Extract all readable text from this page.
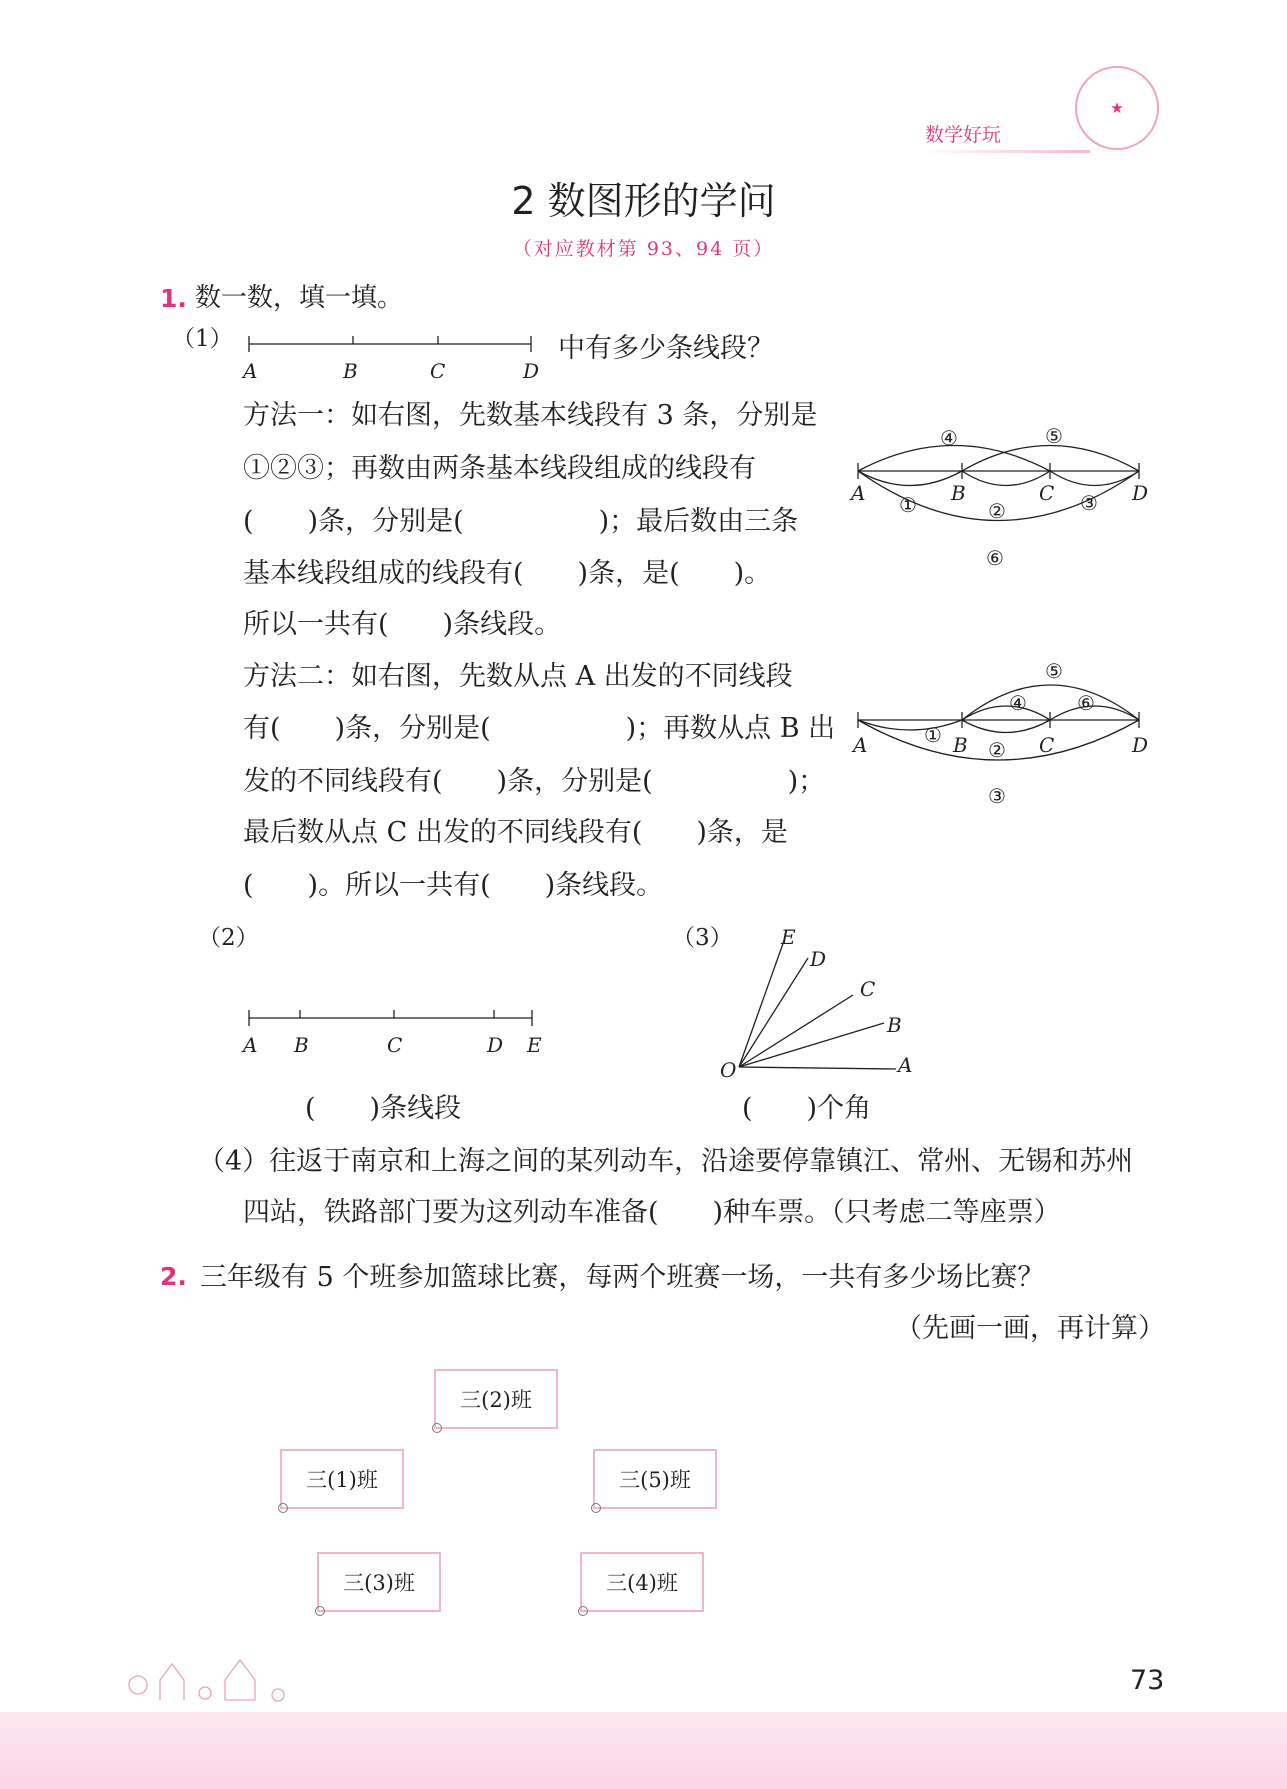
数学好玩
★
2 数图形的学问
（对应教材第 93、94 页）
1. 数一数，填一填。
（1）	中有多少条线段？
方法一：如右图，先数基本线段有 3 条，分别是
①②③；再数由两条基本线段组成的线段有
(　　)条，分别是(　　　　　)；最后数由三条
基本线段组成的线段有(　　)条，是(　　)。
所以一共有(　　)条线段。
方法二：如右图，先数从点 A 出发的不同线段
有(　　)条，分别是(　　　　　)；再数从点 B 出
发的不同线段有(　　)条，分别是(　　　　　)；
最后数从点 C 出发的不同线段有(　　)条，是
(　　)。所以一共有(　　)条线段。
（2）	（3）
(　　)条线段	(　　)个角
（4）往返于南京和上海之间的某列动车，沿途要停靠镇江、常州、无锡和苏州
四站，铁路部门要为这列动车准备(　　)种车票。（只考虑二等座票）
2. 三年级有 5 个班参加篮球比赛，每两个班赛一场，一共有多少场比赛？
（先画一画，再计算）
三(2)班
三(1)班	三(5)班
三(3)班	三(4)班
73
A	B	C	D
④	⑤
①	②	③
⑥
A	B	C	D
⑤
④	⑥
①
②
③
A	B	C	D
A B	C	D E
O	A
B
C
D
E
